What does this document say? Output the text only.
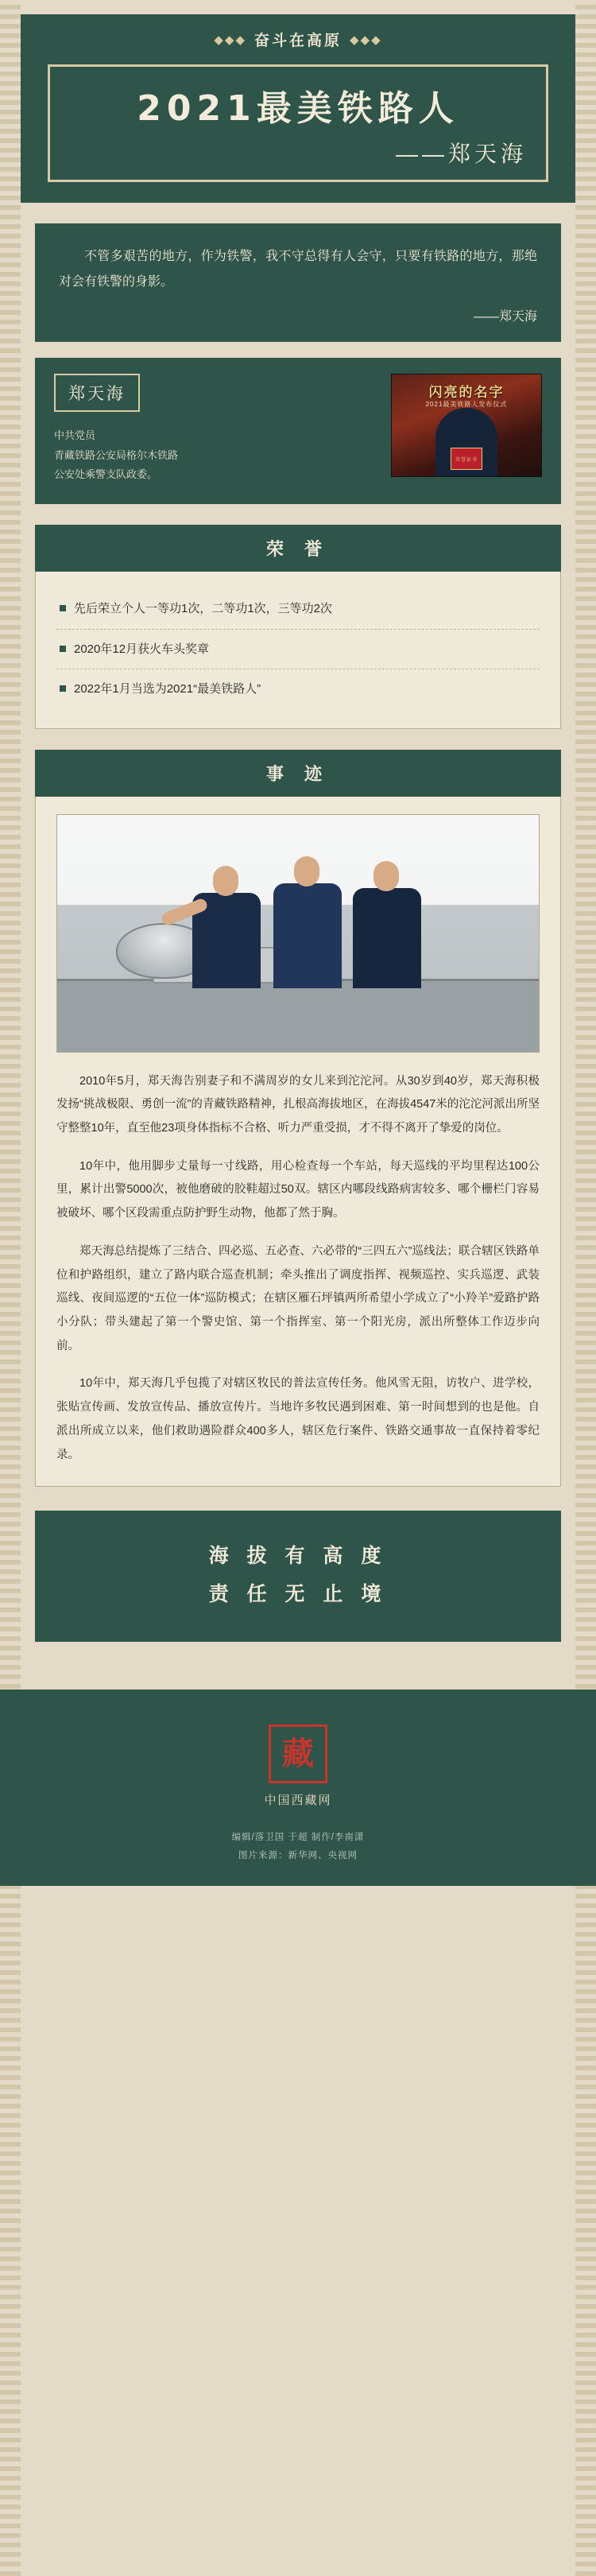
◆◆◆ 奋斗在高原 ◆◆◆
2021最美铁路人
——郑天海
不管多艰苦的地方，作为铁警，我不守总得有人会守，只要有铁路的地方，那绝对会有铁警的身影。
——郑天海
郑天海
中共党员
青藏铁路公安局格尔木铁路
公安处乘警支队政委。
闪亮的名字
2021最美铁路人发布仪式
荣誉证书
荣 誉
先后荣立个人一等功1次，二等功1次，三等功2次
2020年12月获火车头奖章
2022年1月当选为2021“最美铁路人”
事 迹

2010年5月，郑天海告别妻子和不满周岁的女儿来到沱沱河。从30岁到40岁，郑天海积极发扬“挑战极限、勇创一流”的青藏铁路精神，扎根高海拔地区，在海拔4547米的沱沱河派出所坚守整整10年，直至他23项身体指标不合格、听力严重受损，才不得不离开了挚爱的岗位。

10年中，他用脚步丈量每一寸线路，用心检查每一个车站，每天巡线的平均里程达100公里，累计出警5000次，被他磨破的胶鞋超过50双。辖区内哪段线路病害较多、哪个栅栏门容易被破坏、哪个区段需重点防护野生动物，他都了然于胸。

郑天海总结提炼了三结合、四必巡、五必查、六必带的“三四五六”巡线法；联合辖区铁路单位和护路组织，建立了路内联合巡查机制；牵头推出了调度指挥、视频巡控、实兵巡逻、武装巡线、夜间巡逻的“五位一体”巡防模式；在辖区雁石坪镇两所希望小学成立了“小羚羊”爱路护路小分队；带头建起了第一个警史馆、第一个指挥室、第一个阳光房，派出所整体工作迈步向前。

10年中，郑天海几乎包揽了对辖区牧民的普法宣传任务。他风雪无阻，访牧户、进学校，张贴宣传画、发放宣传品、播放宣传片。当地许多牧民遇到困难、第一时间想到的也是他。自派出所成立以来，他们救助遇险群众400多人，辖区危行案件、铁路交通事故一直保持着零纪录。

海 拔 有 高 度
责 任 无 止 境
藏
中国西藏网
编辑/落卫国 于超 制作/李南潇
图片来源：新华网、央视网
